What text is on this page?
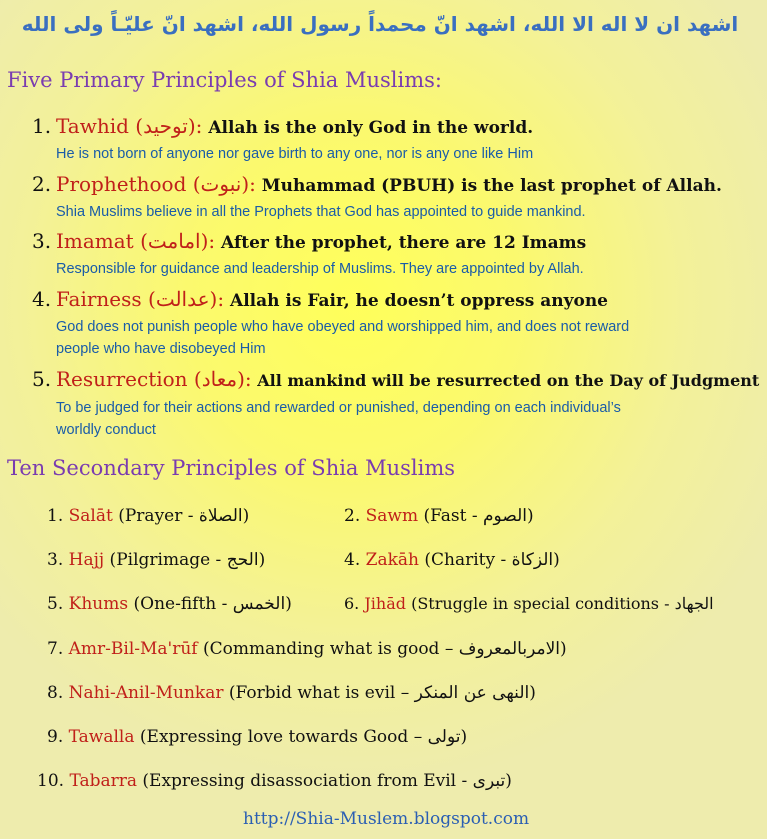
اشهد ان لا اله الا الله، اشهد انّ محمداً رسول الله، اشهد انّ عليّـاً ولى الله
Five Primary Principles of Shia Muslims:
1. Tawhid (توحيد): Allah is the only God in the world.
He is not born of anyone nor gave birth to any one, nor is any one like Him
2. Prophethood (نبوت): Muhammad (PBUH) is the last prophet of Allah.
Shia Muslims believe in all the Prophets that God has appointed to guide mankind.
3. Imamat (امامت): After the prophet, there are 12 Imams
Responsible for guidance and leadership of Muslims. They are appointed by Allah.
4. Fairness (عدالت): Allah is Fair, he doesn’t oppress anyone
God does not punish people who have obeyed and worshipped him, and does not reward
people who have disobeyed Him
5. Resurrection (معاد): All mankind will be resurrected on the Day of Judgment
To be judged for their actions and rewarded or punished, depending on each individual’s
worldly conduct
Ten Secondary Principles of Shia Muslims
1. Salāt (Prayer - الصلاة)	2. Sawm (Fast - الصوم)
3. Hajj (Pilgrimage - الحج)	4. Zakāh (Charity - الزكاة)
5. Khums (One-fifth - الخمس)	6. Jihād (Struggle in special conditions - الجهاد
7. Amr-Bil-Ma'rūf (Commanding what is good – الامربالمعروف)
8. Nahi-Anil-Munkar (Forbid what is evil – النهى عن المنكر)
9. Tawalla (Expressing love towards Good – تولى)
10. Tabarra (Expressing disassociation from Evil - تبرى)
http://Shia-Muslem.blogspot.com
